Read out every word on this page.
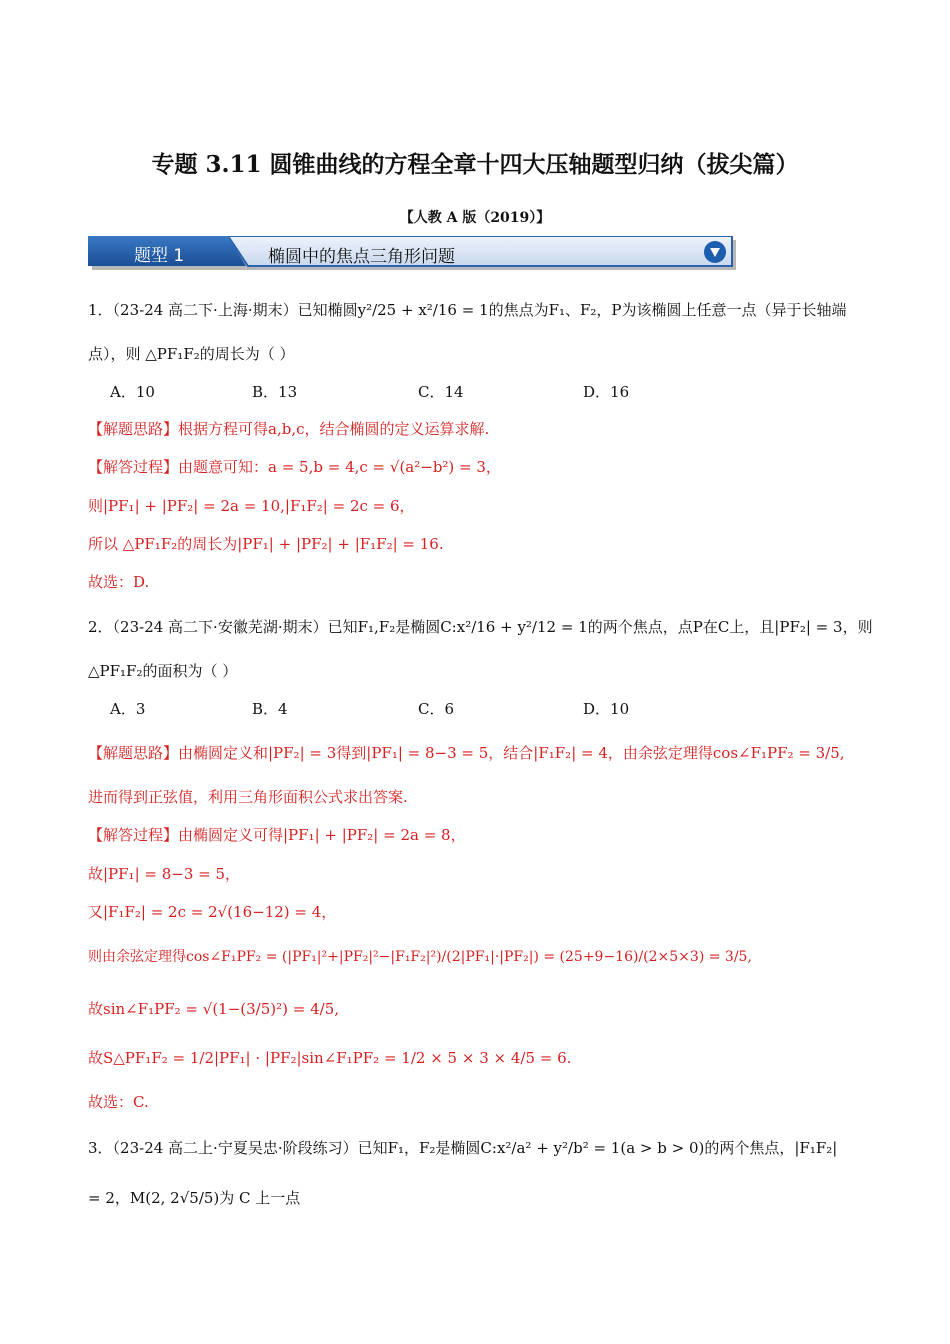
专题 3.11 圆锥曲线的方程全章十四大压轴题型归纳（拔尖篇）
【人教 A 版（2019）】
题型 1	椭圆中的焦点三角形问题
1．（23-24 高二下·上海·期末）已知椭圆y²/25 + x²/16 = 1的焦点为F₁、F₂，P为该椭圆上任意一点（异于长轴端
点），则 △PF₁F₂的周长为（ ）
A．10	B．13	C．14	D．16
【解题思路】根据方程可得a,b,c，结合椭圆的定义运算求解.
【解答过程】由题意可知：a = 5,b = 4,c = √(a²−b²) = 3，
则|PF₁| + |PF₂| = 2a = 10,|F₁F₂| = 2c = 6，
所以 △PF₁F₂的周长为|PF₁| + |PF₂| + |F₁F₂| = 16.
故选：D.
2．（23-24 高二下·安徽芜湖·期末）已知F₁,F₂是椭圆C:x²/16 + y²/12 = 1的两个焦点，点P在C上，且|PF₂| = 3，则
△PF₁F₂的面积为（ ）
A．3	B．4	C．6	D．10
【解题思路】由椭圆定义和|PF₂| = 3得到|PF₁| = 8−3 = 5，结合|F₁F₂| = 4，由余弦定理得cos∠F₁PF₂ = 3/5,
进而得到正弦值，利用三角形面积公式求出答案.
【解答过程】由椭圆定义可得|PF₁| + |PF₂| = 2a = 8，
故|PF₁| = 8−3 = 5，
又|F₁F₂| = 2c = 2√(16−12) = 4，
则由余弦定理得cos∠F₁PF₂ = (|PF₁|²+|PF₂|²−|F₁F₂|²)/(2|PF₁|·|PF₂|) = (25+9−16)/(2×5×3) = 3/5,
故sin∠F₁PF₂ = √(1−(3/5)²) = 4/5,
故S△PF₁F₂ = 1/2|PF₁| · |PF₂|sin∠F₁PF₂ = 1/2 × 5 × 3 × 4/5 = 6.
故选：C.
3．（23-24 高二上·宁夏吴忠·阶段练习）已知F₁，F₂是椭圆C:x²/a² + y²/b² = 1(a > b > 0)的两个焦点，|F₁F₂|
= 2，M(2, 2√5/5)为 C 上一点
